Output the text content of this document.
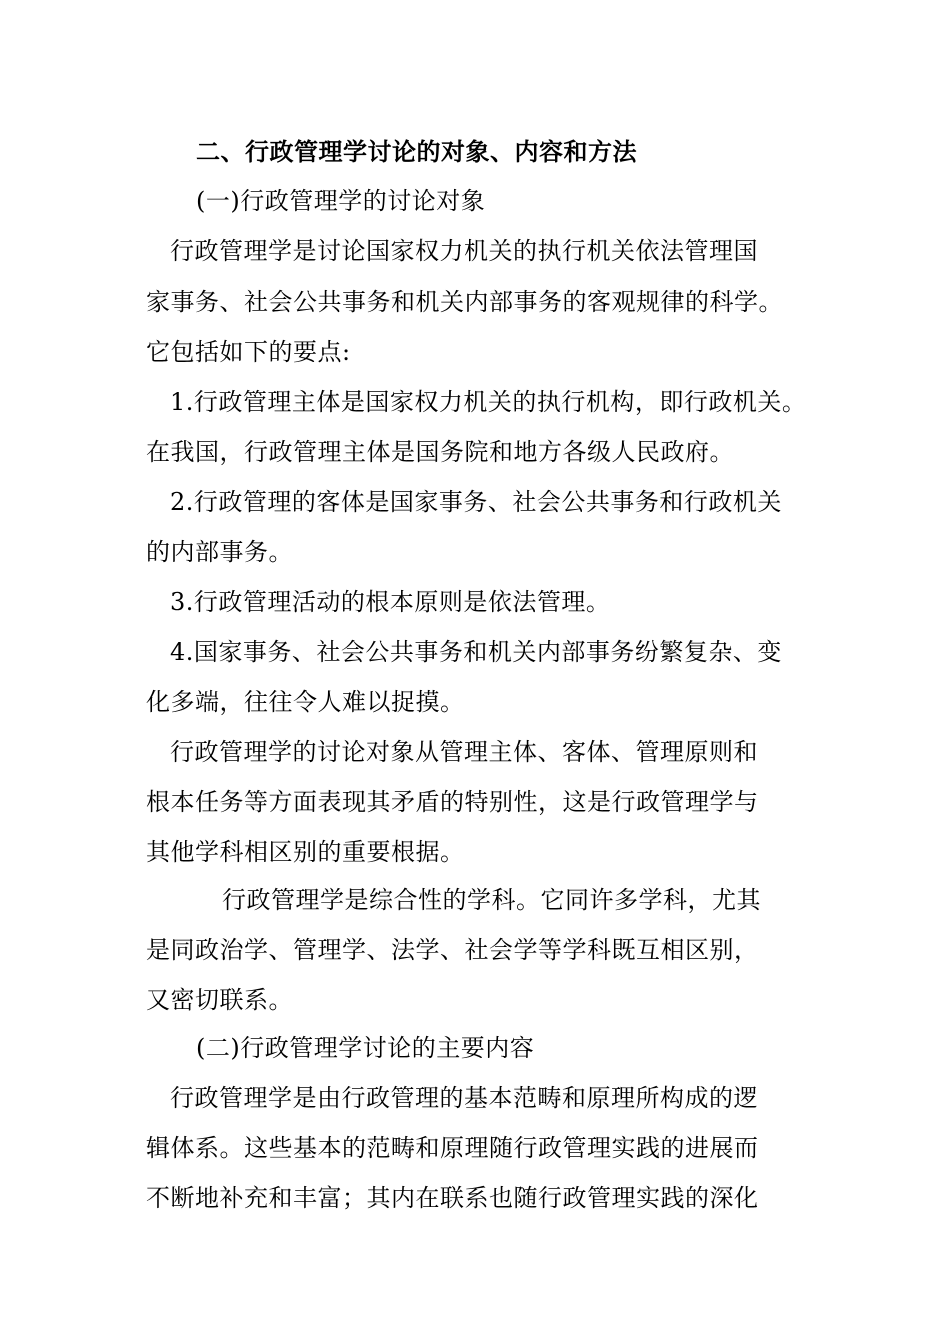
二、行政管理学讨论的对象、内容和方法
(一)行政管理学的讨论对象
行政管理学是讨论国家权力机关的执行机关依法管理国
家事务、社会公共事务和机关内部事务的客观规律的科学。
它包括如下的要点:
1.行政管理主体是国家权力机关的执行机构，即行政机关。
在我国，行政管理主体是国务院和地方各级人民政府。
2.行政管理的客体是国家事务、社会公共事务和行政机关
的内部事务。
3.行政管理活动的根本原则是依法管理。
4.国家事务、社会公共事务和机关内部事务纷繁复杂、变
化多端，往往令人难以捉摸。
行政管理学的讨论对象从管理主体、客体、管理原则和
根本任务等方面表现其矛盾的特别性，这是行政管理学与
其他学科相区别的重要根据。
行政管理学是综合性的学科。它同许多学科，尤其
是同政治学、管理学、法学、社会学等学科既互相区别，
又密切联系。
(二)行政管理学讨论的主要内容
行政管理学是由行政管理的基本范畴和原理所构成的逻
辑体系。这些基本的范畴和原理随行政管理实践的进展而
不断地补充和丰富；其内在联系也随行政管理实践的深化
